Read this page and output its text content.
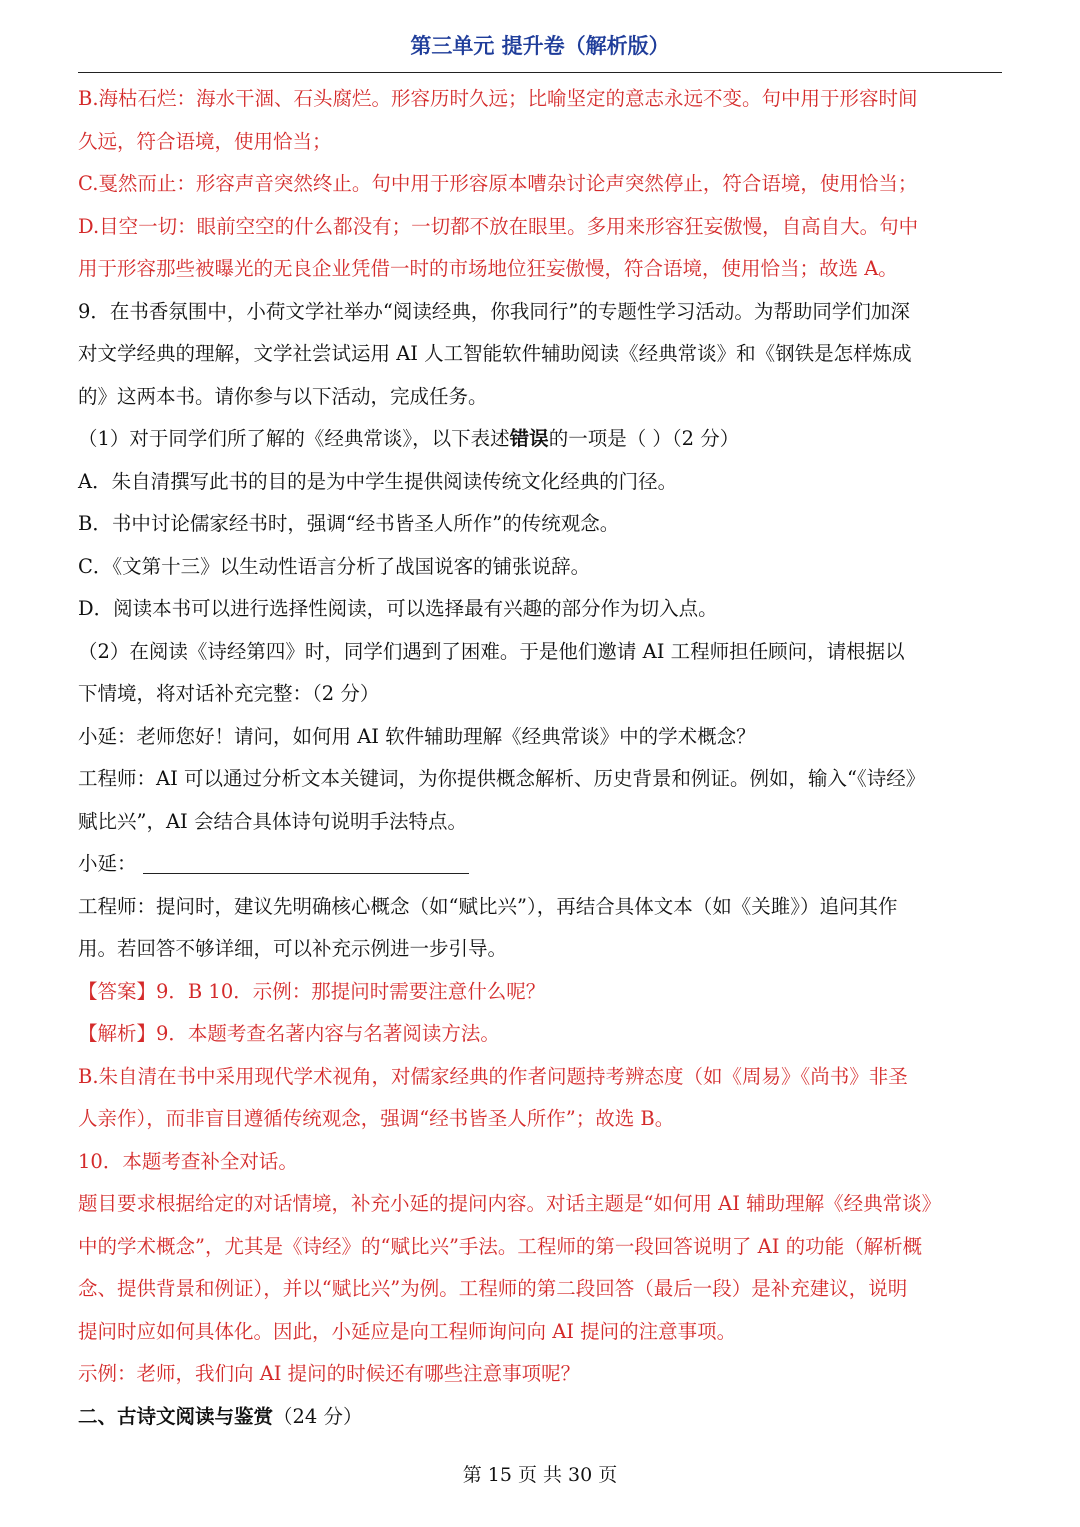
第三单元 提升卷（解析版）
B.海枯石烂：海水干涸、石头腐烂。形容历时久远；比喻坚定的意志永远不变。句中用于形容时间
久远，符合语境，使用恰当；
C.戛然而止：形容声音突然终止。句中用于形容原本嘈杂讨论声突然停止，符合语境，使用恰当；
D.目空一切：眼前空空的什么都没有；一切都不放在眼里。多用来形容狂妄傲慢，自高自大。句中
用于形容那些被曝光的无良企业凭借一时的市场地位狂妄傲慢，符合语境，使用恰当；故选 A。
9．在书香氛围中，小荷文学社举办“阅读经典，你我同行”的专题性学习活动。为帮助同学们加深
对文学经典的理解，文学社尝试运用 AI 人工智能软件辅助阅读《经典常谈》和《钢铁是怎样炼成
的》这两本书。请你参与以下活动，完成任务。
（1）对于同学们所了解的《经典常谈》，以下表述错误的一项是（ ）（2 分）
A．朱自清撰写此书的目的是为中学生提供阅读传统文化经典的门径。
B．书中讨论儒家经书时，强调“经书皆圣人所作”的传统观念。
C．《文第十三》以生动性语言分析了战国说客的铺张说辞。
D．阅读本书可以进行选择性阅读，可以选择最有兴趣的部分作为切入点。
（2）在阅读《诗经第四》时，同学们遇到了困难。于是他们邀请 AI 工程师担任顾问，请根据以
下情境，将对话补充完整：（2 分）
小延：老师您好！请问，如何用 AI 软件辅助理解《经典常谈》中的学术概念？
工程师：AI 可以通过分析文本关键词，为你提供概念解析、历史背景和例证。例如，输入“《诗经》
赋比兴”，AI 会结合具体诗句说明手法特点。
小延：
工程师：提问时，建议先明确核心概念（如“赋比兴”），再结合具体文本（如《关雎》）追问其作
用。若回答不够详细，可以补充示例进一步引导。
【答案】9．B 10．示例：那提问时需要注意什么呢？
【解析】9．本题考查名著内容与名著阅读方法。
B.朱自清在书中采用现代学术视角，对儒家经典的作者问题持考辨态度（如《周易》《尚书》非圣
人亲作），而非盲目遵循传统观念，强调“经书皆圣人所作”；故选 B。
10．本题考查补全对话。
题目要求根据给定的对话情境，补充小延的提问内容。对话主题是“如何用 AI 辅助理解《经典常谈》
中的学术概念”，尤其是《诗经》的“赋比兴”手法。工程师的第一段回答说明了 AI 的功能（解析概
念、提供背景和例证），并以“赋比兴”为例。工程师的第二段回答（最后一段）是补充建议，说明
提问时应如何具体化。因此，小延应是向工程师询问向 AI 提问的注意事项。
示例：老师，我们向 AI 提问的时候还有哪些注意事项呢？
二、古诗文阅读与鉴赏（24 分）
第 15 页 共 30 页
